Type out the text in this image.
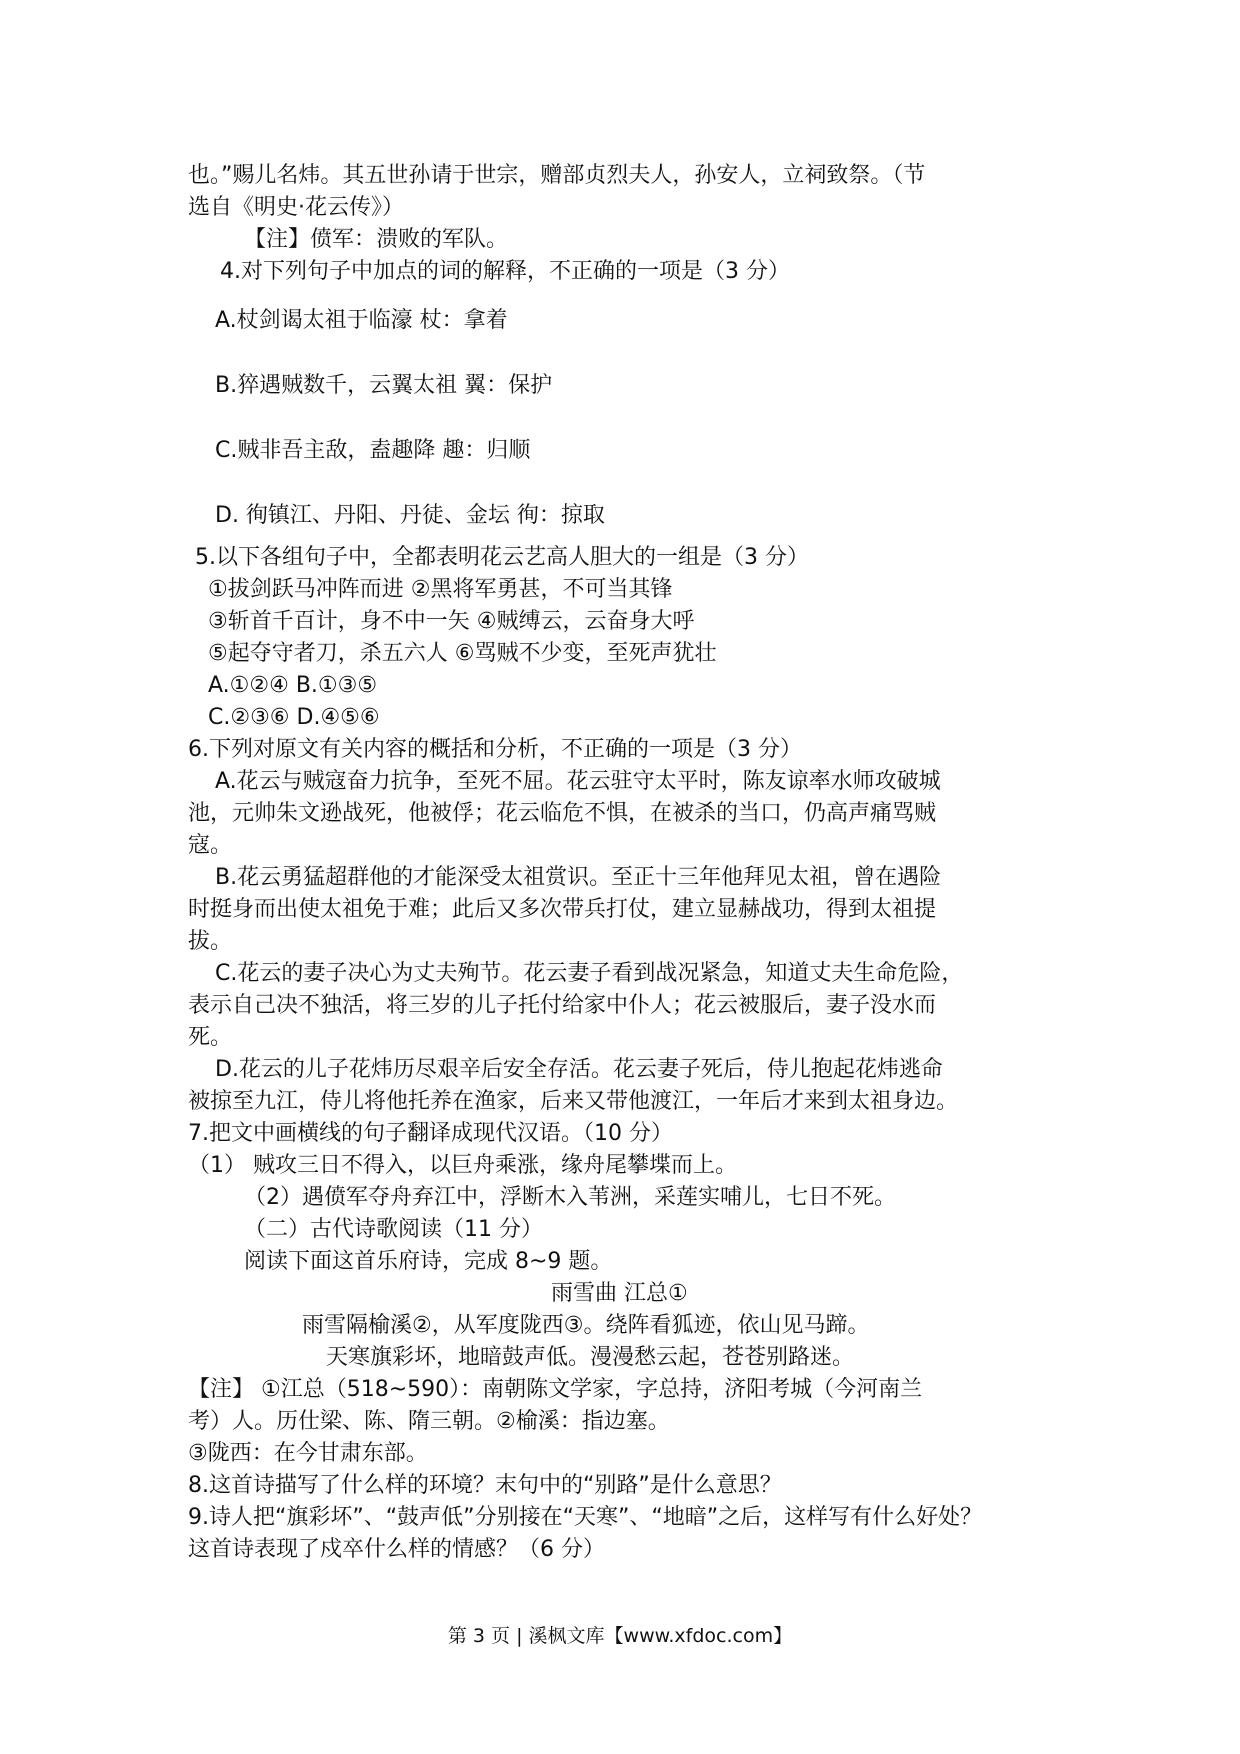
也。”赐儿名炜。其五世孙请于世宗，赠部贞烈夫人，孙安人，立祠致祭。（节
选自《明史·花云传》）
【注】偾军：溃败的军队。
4.对下列句子中加点的词的解释，不正确的一项是（3 分）
A.杖剑谒太祖于临濠 杖：拿着
B.猝遇贼数千，云翼太祖 翼：保护
C.贼非吾主敌，盍趣降 趣：归顺
D. 徇镇江、丹阳、丹徒、金坛 徇：掠取
5.以下各组句子中，全都表明花云艺高人胆大的一组是（3 分）
①拔剑跃马冲阵而进 ②黑将军勇甚，不可当其锋
③斩首千百计，身不中一矢 ④贼缚云，云奋身大呼
⑤起夺守者刀，杀五六人 ⑥骂贼不少变，至死声犹壮
A.①②④ B.①③⑤
C.②③⑥ D.④⑤⑥
6.下列对原文有关内容的概括和分析，不正确的一项是（3 分）
A.花云与贼寇奋力抗争，至死不屈。花云驻守太平时，陈友谅率水师攻破城
池，元帅朱文逊战死，他被俘；花云临危不惧，在被杀的当口，仍高声痛骂贼
寇。
B.花云勇猛超群他的才能深受太祖赏识。至正十三年他拜见太祖，曾在遇险
时挺身而出使太祖免于难；此后又多次带兵打仗，建立显赫战功，得到太祖提
拔。
C.花云的妻子决心为丈夫殉节。花云妻子看到战况紧急，知道丈夫生命危险，
表示自己决不独活，将三岁的儿子托付给家中仆人；花云被服后，妻子没水而
死。
D.花云的儿子花炜历尽艰辛后安全存活。花云妻子死后，侍儿抱起花炜逃命
被掠至九江，侍儿将他托养在渔家，后来又带他渡江，一年后才来到太祖身边。
7.把文中画横线的句子翻译成现代汉语。（10 分）
（1） 贼攻三日不得入，以巨舟乘涨，缘舟尾攀堞而上。
（2）遇偾军夺舟弃江中，浮断木入苇洲，采莲实哺儿，七日不死。
（二）古代诗歌阅读（11 分）
阅读下面这首乐府诗，完成 8~9 题。
雨雪曲 江总①
雨雪隔榆溪②，从军度陇西③。绕阵看狐迹，依山见马蹄。
天寒旗彩坏，地暗鼓声低。漫漫愁云起，苍苍别路迷。
【注】 ①江总（518~590）：南朝陈文学家，字总持，济阳考城（今河南兰
考）人。历仕梁、陈、隋三朝。②榆溪：指边塞。
③陇西：在今甘肃东部。
8.这首诗描写了什么样的环境？末句中的“别路”是什么意思？
9.诗人把“旗彩坏”、“鼓声低”分别接在“天寒”、“地暗”之后，这样写有什么好处？
这首诗表现了戍卒什么样的情感？（6 分）
第 3 页 | 溪枫文库【www.xfdoc.com】
